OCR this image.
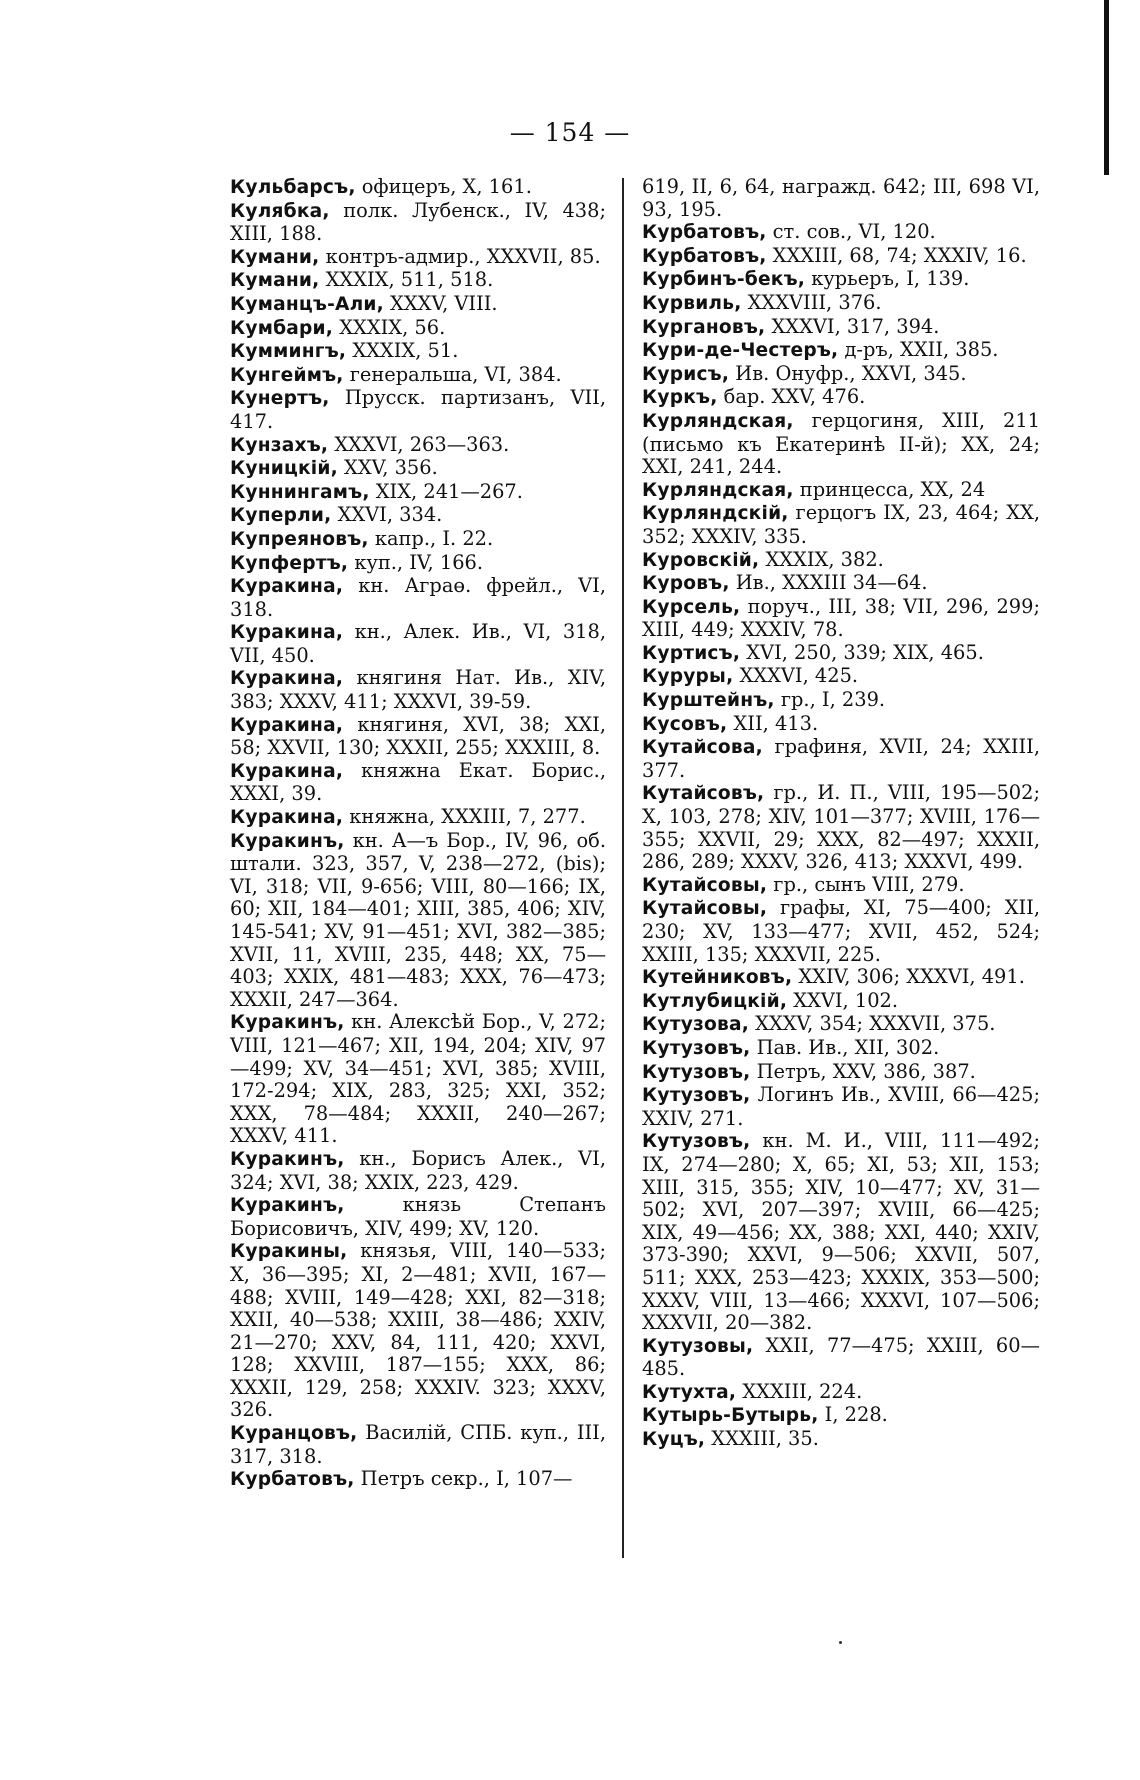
— 154 —
Кульбарсъ, офицеръ, X, 161.
Кулябка, полк. Лубенск., IV, 438; XIII, 188.
Кумани, контръ-адмир., XXXVII, 85.
Кумани, XXXIX, 511, 518.
Куманцъ-Али, XXXV, VIII.
Кумбари, XXXIX, 56.
Куммингъ, XXXIX, 51.
Кунгеймъ, генеральша, VI, 384.
Кунертъ, Прусск. партизанъ, VII, 417.
Кунзахъ, XXXVI, 263—363.
Куницкій, XXV, 356.
Куннингамъ, XIX, 241—267.
Куперли, XXVI, 334.
Купреяновъ, капр., I. 22.
Купфертъ, куп., IV, 166.
Куракина, кн. Аграө. фрейл., VI, 318.
Куракина, кн., Алек. Ив., VI, 318, VII, 450.
Куракина, княгиня Нат. Ив., XIV, 383; XXXV, 411; XXXVI, 39-59.
Куракина, княгиня, XVI, 38; XXI, 58; XXVII, 130; XXXII, 255; XXXIII, 8.
Куракина, княжна Екат. Борис., XXXI, 39.
Куракина, княжна, XXXIII, 7, 277.
Куракинъ, кн. А—ъ Бор., IV, 96, об. штали. 323, 357, V, 238—272, (bis); VI, 318; VII, 9-656; VIII, 80—166; IX, 60; XII, 184—401; XIII, 385, 406; XIV, 145-541; XV, 91—451; XVI, 382—385; XVII, 11, XVIII, 235, 448; XX, 75—403; XXIX, 481—483; XXX, 76—473; XXXII, 247—364.
Куракинъ, кн. Алексѣй Бор., V, 272; VIII, 121—467; XII, 194, 204; XIV, 97—499; XV, 34—451; XVI, 385; XVIII, 172-294; XIX, 283, 325; XXI, 352; XXX, 78—484; XXXII, 240—267; XXXV, 411.
Куракинъ, кн., Борисъ Алек., VI, 324; XVI, 38; XXIX, 223, 429.
Куракинъ, князь Степанъ Борисовичъ, XIV, 499; XV, 120.
Куракины, князья, VIII, 140—533; X, 36—395; XI, 2—481; XVII, 167—488; XVIII, 149—428; XXI, 82—318; XXII, 40—538; XXIII, 38—486; XXIV, 21—270; XXV, 84, 111, 420; XXVI, 128; XXVIII, 187—155; XXX, 86; XXXII, 129, 258; XXXIV. 323; XXXV, 326.
Куранцовъ, Василій, СПБ. куп., III, 317, 318.
Курбатовъ, Петръ секр., I, 107—
619, II, 6, 64, награжд. 642; III, 698 VI, 93, 195.
Курбатовъ, ст. сов., VI, 120.
Курбатовъ, XXXIII, 68, 74; XXXIV, 16.
Курбинъ-бекъ, курьеръ, I, 139.
Курвиль, XXXVIII, 376.
Кургановъ, XXXVI, 317, 394.
Кури-де-Честеръ, д-ръ, XXII, 385.
Курисъ, Ив. Онуфр., XXVI, 345.
Куркъ, бар. XXV, 476.
Курляндская, герцогиня, XIII, 211 (письмо къ Екатеринѣ II-й); XX, 24; XXI, 241, 244.
Курляндская, принцесса, XX, 24
Курляндскій, герцогъ IX, 23, 464; XX, 352; XXXIV, 335.
Куровскій, XXXIX, 382.
Куровъ, Ив., XXXIII 34—64.
Курсель, поруч., III, 38; VII, 296, 299; XIII, 449; XXXIV, 78.
Куртисъ, XVI, 250, 339; XIX, 465.
Куруры, XXXVI, 425.
Курштейнъ, гр., I, 239.
Кусовъ, XII, 413.
Кутайсова, графиня, XVII, 24; XXIII, 377.
Кутайсовъ, гр., И. П., VIII, 195—502; X, 103, 278; XIV, 101—377; XVIII, 176—355; XXVII, 29; XXX, 82—497; XXXII, 286, 289; XXXV, 326, 413; XXXVI, 499.
Кутайсовы, гр., сынъ VIII, 279.
Кутайсовы, графы, XI, 75—400; XII, 230; XV, 133—477; XVII, 452, 524; XXIII, 135; XXXVII, 225.
Кутейниковъ, XXIV, 306; XXXVI, 491.
Кутлубицкій, XXVI, 102.
Кутузова, XXXV, 354; XXXVII, 375.
Кутузовъ, Пав. Ив., XII, 302.
Кутузовъ, Петръ, XXV, 386, 387.
Кутузовъ, Логинъ Ив., XVIII, 66—425; XXIV, 271.
Кутузовъ, кн. М. И., VIII, 111—492; IX, 274—280; X, 65; XI, 53; XII, 153; XIII, 315, 355; XIV, 10—477; XV, 31—502; XVI, 207—397; XVIII, 66—425; XIX, 49—456; XX, 388; XXI, 440; XXIV, 373-390; XXVI, 9—506; XXVII, 507, 511; XXX, 253—423; XXXIX, 353—500; XXXV, VIII, 13—466; XXXVI, 107—506; XXXVII, 20—382.
Кутузовы, XXII, 77—475; XXIII, 60—485.
Кутухта, XXXIII, 224.
Кутырь-Бутырь, I, 228.
Куцъ, XXXIII, 35.
